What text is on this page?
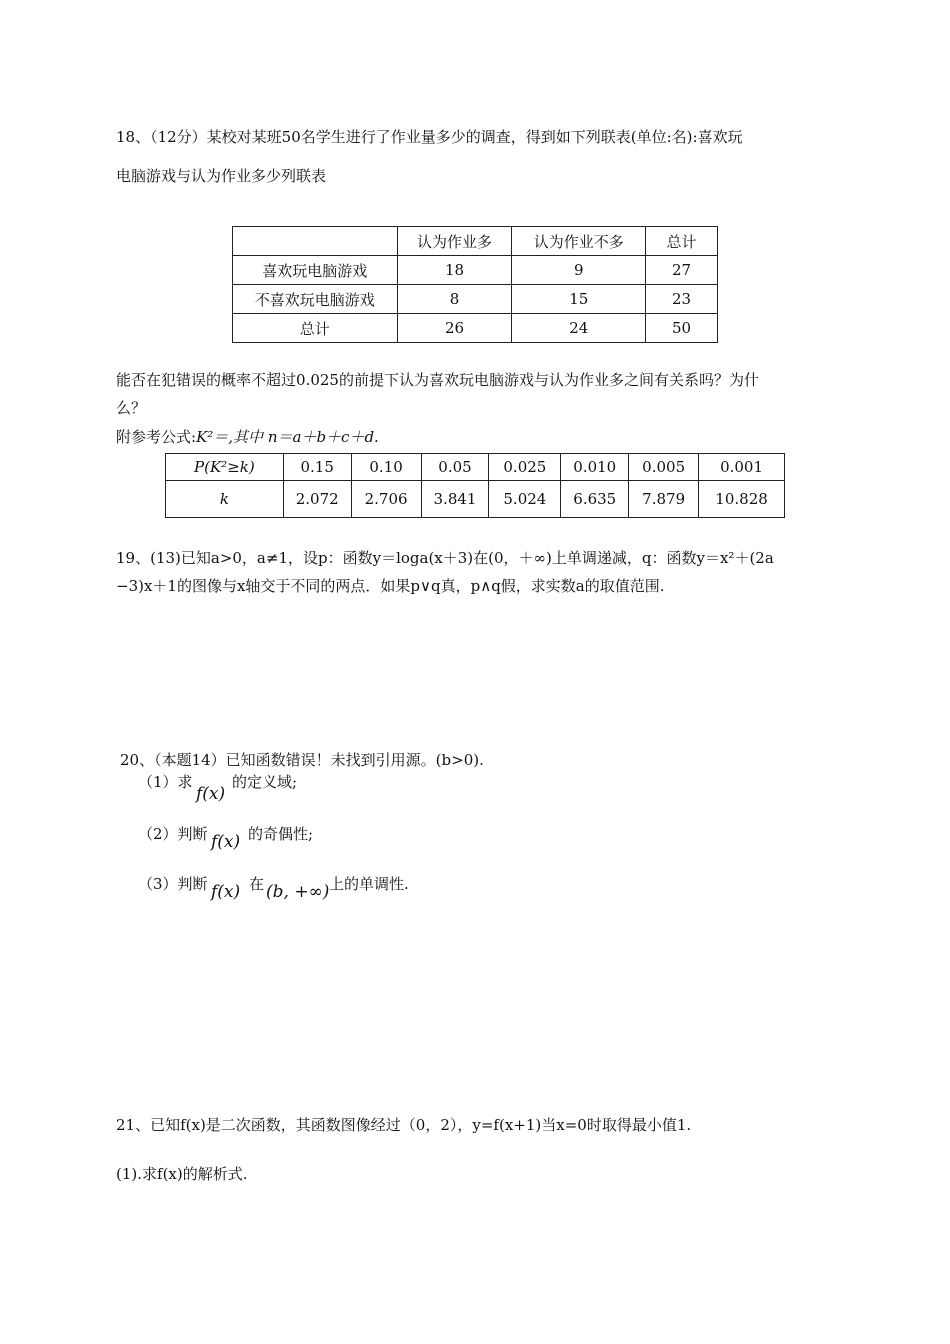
18、（12分）某校对某班50名学生进行了作业量多少的调查，得到如下列联表(单位:名):喜欢玩
电脑游戏与认为作业多少列联表
	认为作业多	认为作业不多	总计
喜欢玩电脑游戏	18	9	27
不喜欢玩电脑游戏	8	15	23
总计	26	24	50
能否在犯错误的概率不超过0.025的前提下认为喜欢玩电脑游戏与认为作业多之间有关系吗？为什
么？
附参考公式:K²＝,其中 n＝a＋b＋c＋d.
P(K²≥k)	0.15	0.10	0.05	0.025	0.010	0.005	0.001
k	2.072	2.706	3.841	5.024	6.635	7.879	10.828
19、(13)已知a>0，a≠1，设p：函数y＝loga(x＋3)在(0，＋∞)上单调递减，q：函数y＝x²＋(2a
−3)x＋1的图像与x轴交于不同的两点．如果p∨q真，p∧q假，求实数a的取值范围.
20、（本题14）已知函数错误！未找到引用源。(b>0).
（1）求
f(x)
的定义域;
（2）判断 f(x) 的奇偶性;
（3）判断 f(x) 在 (b, +∞) 上的单调性.
21、已知f(x)是二次函数，其函数图像经过（0，2），y=f(x+1)当x=0时取得最小值1.
(1).求f(x)的解析式.
